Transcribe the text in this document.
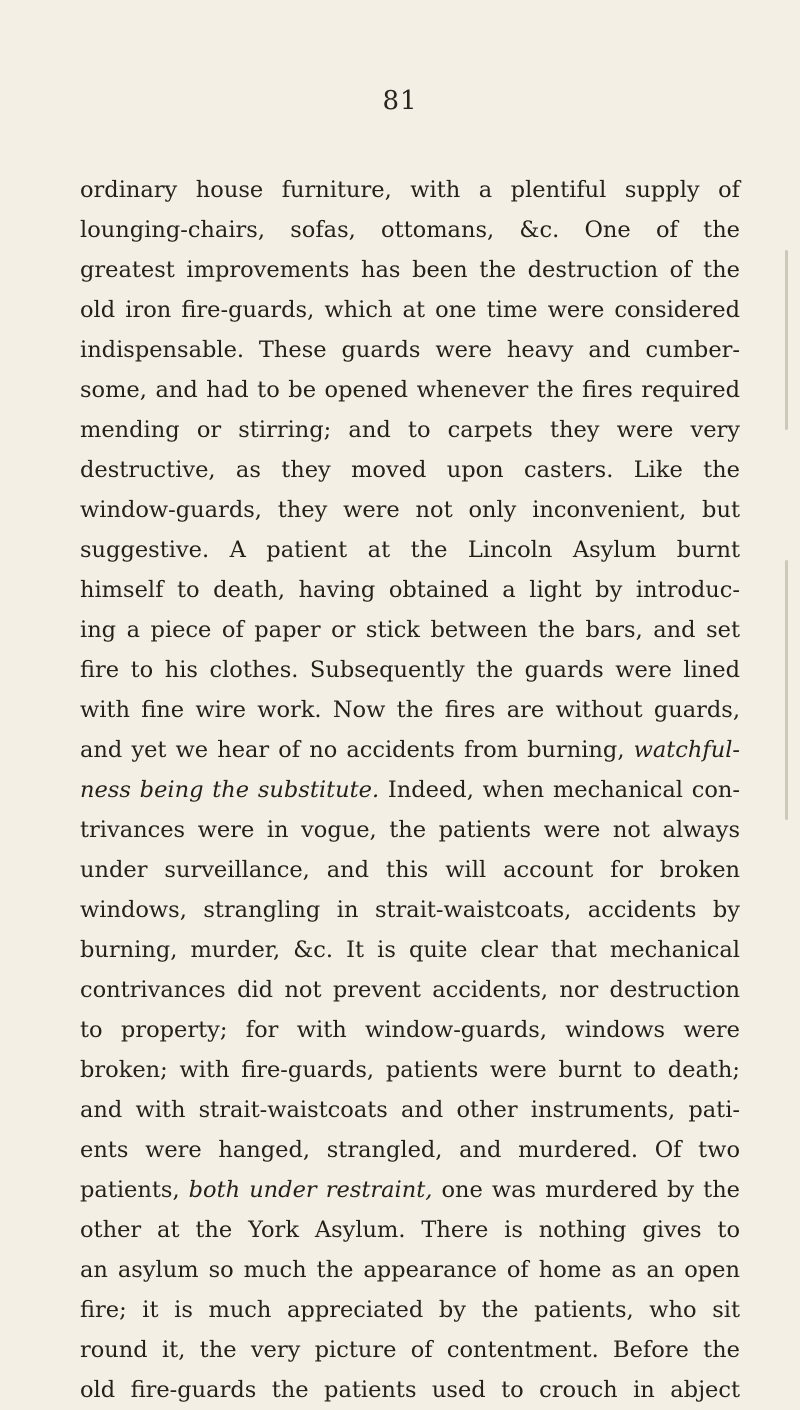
81
ordinary house furniture, with a plentiful supply of
lounging-chairs, sofas, ottomans, &c. One of the
greatest improvements has been the destruction of the
old iron fire-guards, which at one time were considered
indispensable. These guards were heavy and cumber-
some, and had to be opened whenever the fires required
mending or stirring; and to carpets they were very
destructive, as they moved upon casters. Like the
window-guards, they were not only inconvenient, but
suggestive. A patient at the Lincoln Asylum burnt
himself to death, having obtained a light by introduc-
ing a piece of paper or stick between the bars, and set
fire to his clothes. Subsequently the guards were lined
with fine wire work. Now the fires are without guards,
and yet we hear of no accidents from burning, watchful-
ness being the substitute. Indeed, when mechanical con-
trivances were in vogue, the patients were not always
under surveillance, and this will account for broken
windows, strangling in strait-waistcoats, accidents by
burning, murder, &c. It is quite clear that mechanical
contrivances did not prevent accidents, nor destruction
to property; for with window-guards, windows were
broken; with fire-guards, patients were burnt to death;
and with strait-waistcoats and other instruments, pati-
ents were hanged, strangled, and murdered. Of two
patients, both under restraint, one was murdered by the
other at the York Asylum. There is nothing gives to
an asylum so much the appearance of home as an open
fire; it is much appreciated by the patients, who sit
round it, the very picture of contentment. Before the
old fire-guards the patients used to crouch in abject
